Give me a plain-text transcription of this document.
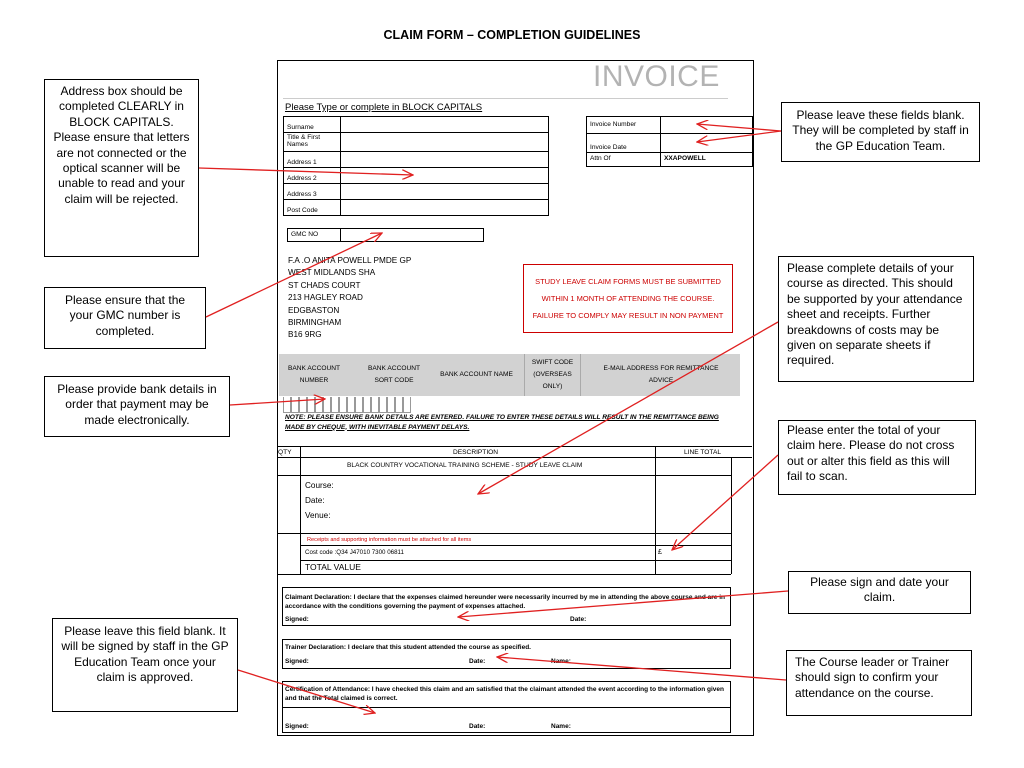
CLAIM FORM – COMPLETION GUIDELINES
INVOICE
Please Type or complete in BLOCK CAPITALS
Surname	
Title & First Names	
Address 1	
Address 2	
Address 3	
Post Code	
Invoice Number	
Invoice Date	
Attn Of	XXAPOWELL
GMC NO	
F.A .O ANITA POWELL PMDE GP
WEST MIDLANDS SHA
ST CHADS COURT
213 HAGLEY ROAD
EDGBASTON
BIRMINGHAM
B16 9RG
STUDY LEAVE CLAIM FORMS MUST BE SUBMITTED WITHIN 1 MONTH OF ATTENDING THE COURSE. FAILURE TO COMPLY MAY RESULT IN NON PAYMENT
BANK ACCOUNT NUMBER
BANK ACCOUNT SORT CODE
BANK ACCOUNT NAME
SWIFT CODE (OVERSEAS ONLY)
E-MAIL ADDRESS FOR REMITTANCE ADVICE
NOTE: PLEASE ENSURE BANK DETAILS ARE ENTERED. FAILURE TO ENTER THESE DETAILS WILL RESULT IN THE REMITTANCE BEING MADE BY CHEQUE, WITH INEVITABLE PAYMENT DELAYS.
QTY	DESCRIPTION	LINE TOTAL
BLACK COUNTRY VOCATIONAL TRAINING SCHEME - STUDY LEAVE CLAIM
Course:
Date:
Venue:
Receipts and supporting information must be attached for all items
Cost code :Q34 J47010 7300 06811	£
TOTAL VALUE
Claimant Declaration: I declare that the expenses claimed hereunder were necessarily incurred by me in attending the above course and are in accordance with the conditions governing the payment of expenses attached.
Signed:	Date:
Trainer Declaration: I declare that this student attended the course as specified.
Signed:	Date:	Name:
Certification of Attendance: I have checked this claim and am satisfied that the claimant attended the event according to the information given and that the Total claimed is correct.
Signed:	Date:	Name:
Address box should be completed CLEARLY in BLOCK CAPITALS. Please ensure that letters are not connected or the optical scanner will be unable to read and your claim will be rejected.
Please ensure that the your GMC number is completed.
Please provide bank details in order that payment may be made electronically.
Please leave this field blank. It will be signed by staff in the GP Education Team once your claim is approved.
Please leave these fields blank. They will be completed by staff in the GP Education Team.
Please complete details of your course as directed. This should be supported by your attendance sheet and receipts. Further breakdowns of costs may be given on separate sheets if required.
Please enter the total of your claim here. Please do not cross out or alter this field as this will fail to scan.
Please sign and date your claim.
The Course leader or Trainer should sign to confirm your attendance on the course.
